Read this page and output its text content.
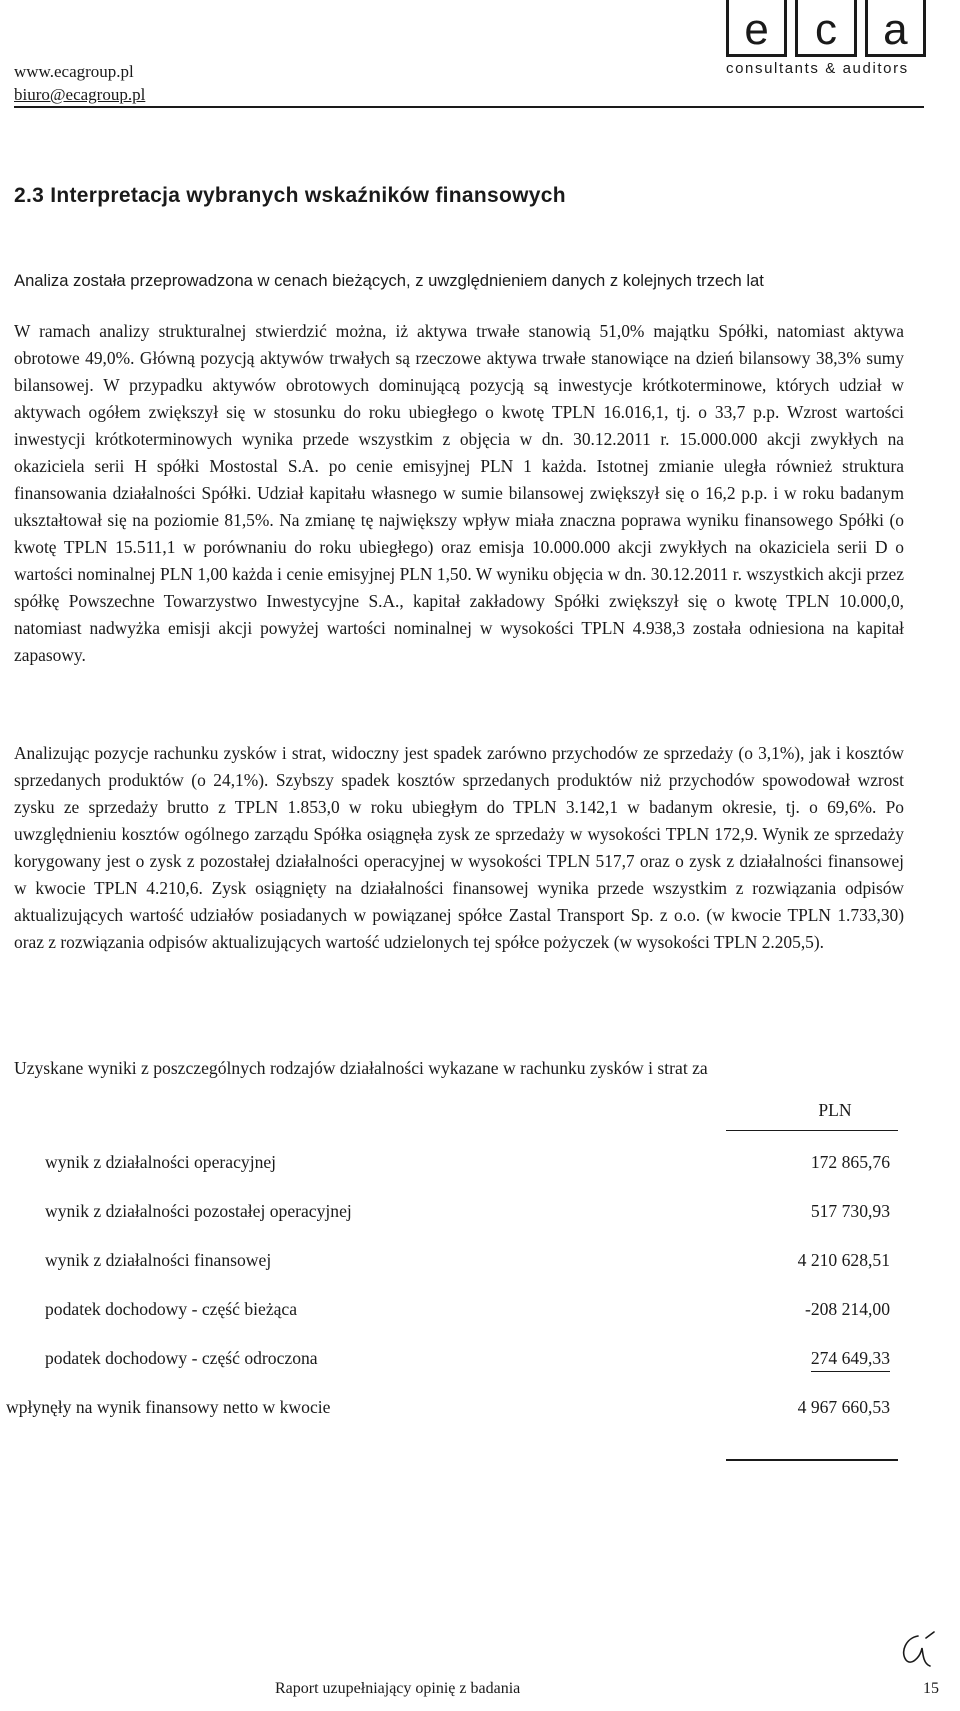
www.ecagroup.pl
biuro@ecagroup.pl
e	c	a
consultants & auditors
2.3 Interpretacja wybranych wskaźników finansowych

Analiza została przeprowadzona w cenach bieżących, z uwzględnieniem danych z kolejnych trzech lat

W ramach analizy strukturalnej stwierdzić można, iż aktywa trwałe stanowią 51,0% majątku Spółki, natomiast aktywa obrotowe 49,0%. Główną pozycją aktywów trwałych są rzeczowe aktywa trwałe stanowiące na dzień bilansowy 38,3% sumy bilansowej. W przypadku aktywów obrotowych dominującą pozycją są inwestycje krótkoterminowe, których udział w aktywach ogółem zwiększył się w stosunku do roku ubiegłego o kwotę TPLN 16.016,1, tj. o 33,7 p.p. Wzrost wartości inwestycji krótkoterminowych wynika przede wszystkim z objęcia w dn. 30.12.2011 r. 15.000.000 akcji zwykłych na okaziciela serii H spółki Mostostal S.A. po cenie emisyjnej PLN 1 każda. Istotnej zmianie uległa również struktura finansowania działalności Spółki. Udział kapitału własnego w sumie bilansowej zwiększył się o 16,2 p.p. i w roku badanym ukształtował się na poziomie 81,5%. Na zmianę tę największy wpływ miała znaczna poprawa wyniku finansowego Spółki (o kwotę TPLN 15.511,1 w porównaniu do roku ubiegłego) oraz emisja 10.000.000 akcji zwykłych na okaziciela serii D o wartości nominalnej PLN 1,00 każda i cenie emisyjnej PLN 1,50. W wyniku objęcia w dn. 30.12.2011 r. wszystkich akcji przez spółkę Powszechne Towarzystwo Inwestycyjne S.A., kapitał zakładowy Spółki zwiększył się o kwotę TPLN 10.000,0, natomiast nadwyżka emisji akcji powyżej wartości nominalnej w wysokości TPLN 4.938,3 została odniesiona na kapitał zapasowy.

Analizując pozycje rachunku zysków i strat, widoczny jest spadek zarówno przychodów ze sprzedaży (o 3,1%), jak i kosztów sprzedanych produktów (o 24,1%). Szybszy spadek kosztów sprzedanych produktów niż przychodów spowodował wzrost zysku ze sprzedaży brutto z TPLN 1.853,0 w roku ubiegłym do TPLN 3.142,1 w badanym okresie, tj. o 69,6%. Po uwzględnieniu kosztów ogólnego zarządu Spółka osiągnęła zysk ze sprzedaży w wysokości TPLN 172,9. Wynik ze sprzedaży korygowany jest o zysk z pozostałej działalności operacyjnej w wysokości TPLN 517,7 oraz o zysk z działalności finansowej w kwocie TPLN 4.210,6. Zysk osiągnięty na działalności finansowej wynika przede wszystkim z rozwiązania odpisów aktualizujących wartość udziałów posiadanych w powiązanej spółce Zastal Transport Sp. z o.o. (w kwocie TPLN 1.733,30) oraz z rozwiązania odpisów aktualizujących wartość udzielonych tej spółce pożyczek (w wysokości TPLN 2.205,5).

Uzyskane wyniki z poszczególnych rodzajów działalności wykazane w rachunku zysków i strat za

PLN
wynik z działalności operacyjnej	172 865,76
wynik z działalności pozostałej operacyjnej	517 730,93
wynik z działalności finansowej	4 210 628,51
podatek dochodowy - część bieżąca	-208 214,00
podatek dochodowy - część odroczona	274 649,33
wpłynęły na wynik finansowy netto w kwocie	4 967 660,53
Raport uzupełniający opinię z badania	15
